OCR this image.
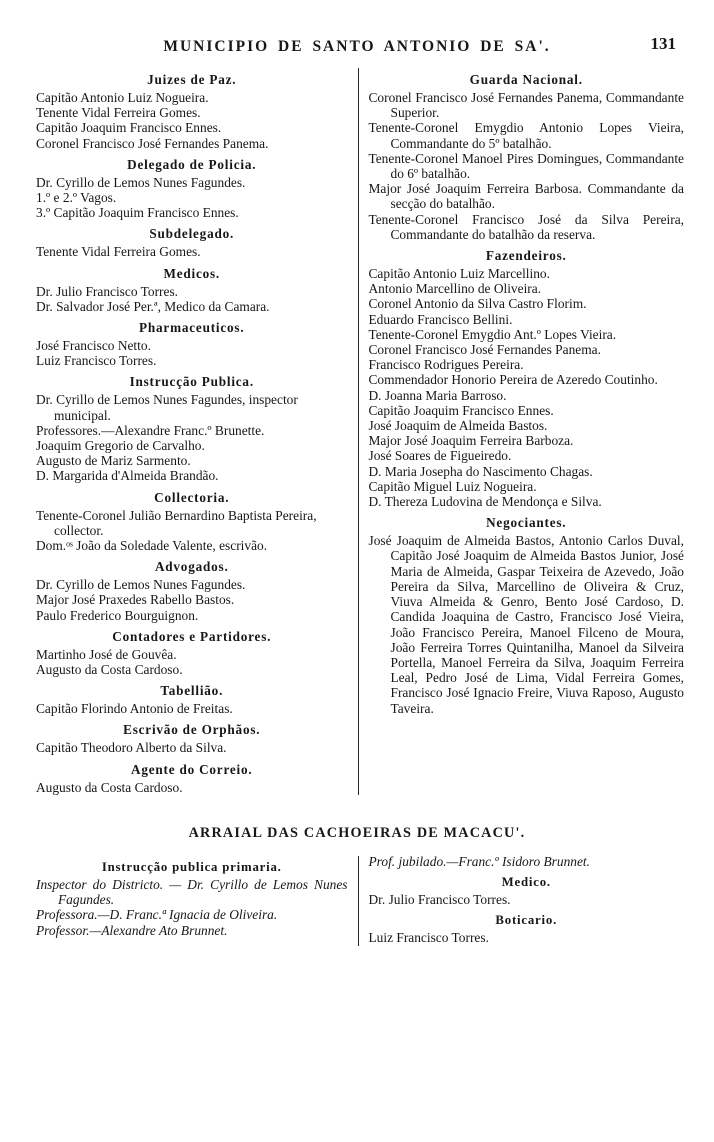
MUNICIPIO DE SANTO ANTONIO DE SA'.	131
Juizes de Paz.

Capitão Antonio Luiz Nogueira.

Tenente Vidal Ferreira Gomes.

Capitão Joaquim Francisco Ennes.

Coronel Francisco José Fernandes Panema.

Delegado de Policia.

Dr. Cyrillo de Lemos Nunes Fagundes.

1.º e 2.º Vagos.

3.º Capitão Joaquim Francisco Ennes.

Subdelegado.

Tenente Vidal Ferreira Gomes.

Medicos.

Dr. Julio Francisco Torres.

Dr. Salvador José Per.ª, Medico da Camara.

Pharmaceuticos.

José Francisco Netto.

Luiz Francisco Torres.

Instrucção Publica.

Dr. Cyrillo de Lemos Nunes Fagundes, inspector municipal.

Professores.—Alexandre Franc.º Brunette.

Joaquim Gregorio de Carvalho.

Augusto de Mariz Sarmento.

D. Margarida d'Almeida Brandão.

Collectoria.

Tenente-Coronel Julião Bernardino Baptista Pereira, collector.

Dom.ᵒˢ João da Soledade Valente, escrivão.

Advogados.

Dr. Cyrillo de Lemos Nunes Fagundes.

Major José Praxedes Rabello Bastos.

Paulo Frederico Bourguignon.

Contadores e Partidores.

Martinho José de Gouvêa.

Augusto da Costa Cardoso.

Tabellião.

Capitão Florindo Antonio de Freitas.

Escrivão de Orphãos.

Capitão Theodoro Alberto da Silva.

Agente do Correio.

Augusto da Costa Cardoso.

Guarda Nacional.

Coronel Francisco José Fernandes Panema, Commandante Superior.

Tenente-Coronel Emygdio Antonio Lopes Vieira, Commandante do 5º batalhão.

Tenente-Coronel Manoel Pires Domingues, Commandante do 6º batalhão.

Major José Joaquim Ferreira Barbosa. Commandante da secção do batalhão.

Tenente-Coronel Francisco José da Silva Pereira, Commandante do batalhão da reserva.

Fazendeiros.

Capitão Antonio Luiz Marcellino.

Antonio Marcellino de Oliveira.

Coronel Antonio da Silva Castro Florim.

Eduardo Francisco Bellini.

Tenente-Coronel Emygdio Ant.º Lopes Vieira.

Coronel Francisco José Fernandes Panema.

Francisco Rodrigues Pereira.

Commendador Honorio Pereira de Azeredo Coutinho.

D. Joanna Maria Barroso.

Capitão Joaquim Francisco Ennes.

José Joaquim de Almeida Bastos.

Major José Joaquim Ferreira Barboza.

José Soares de Figueiredo.

D. Maria Josepha do Nascimento Chagas.

Capitão Miguel Luiz Nogueira.

D. Thereza Ludovina de Mendonça e Silva.

Negociantes.

José Joaquim de Almeida Bastos, Antonio Carlos Duval, Capitão José Joaquim de Almeida Bastos Junior, José Maria de Almeida, Gaspar Teixeira de Azevedo, João Pereira da Silva, Marcellino de Oliveira & Cruz, Viuva Almeida & Genro, Bento José Cardoso, D. Candida Joaquina de Castro, Francisco José Vieira, João Francisco Pereira, Manoel Filceno de Moura, João Ferreira Torres Quintanilha, Manoel da Silveira Portella, Manoel Ferreira da Silva, Joaquim Ferreira Leal, Pedro José de Lima, Vidal Ferreira Gomes, Francisco José Ignacio Freire, Viuva Raposo, Augusto Taveira.

ARRAIAL DAS CACHOEIRAS DE MACACU'.
Instrucção publica primaria.

Inspector do Districto. — Dr. Cyrillo de Lemos Nunes Fagundes.

Professora.—D. Franc.ª Ignacia de Oliveira.

Professor.—Alexandre Ato Brunnet.

Prof. jubilado.—Franc.º Isidoro Brunnet.

Medico.

Dr. Julio Francisco Torres.

Boticario.

Luiz Francisco Torres.
